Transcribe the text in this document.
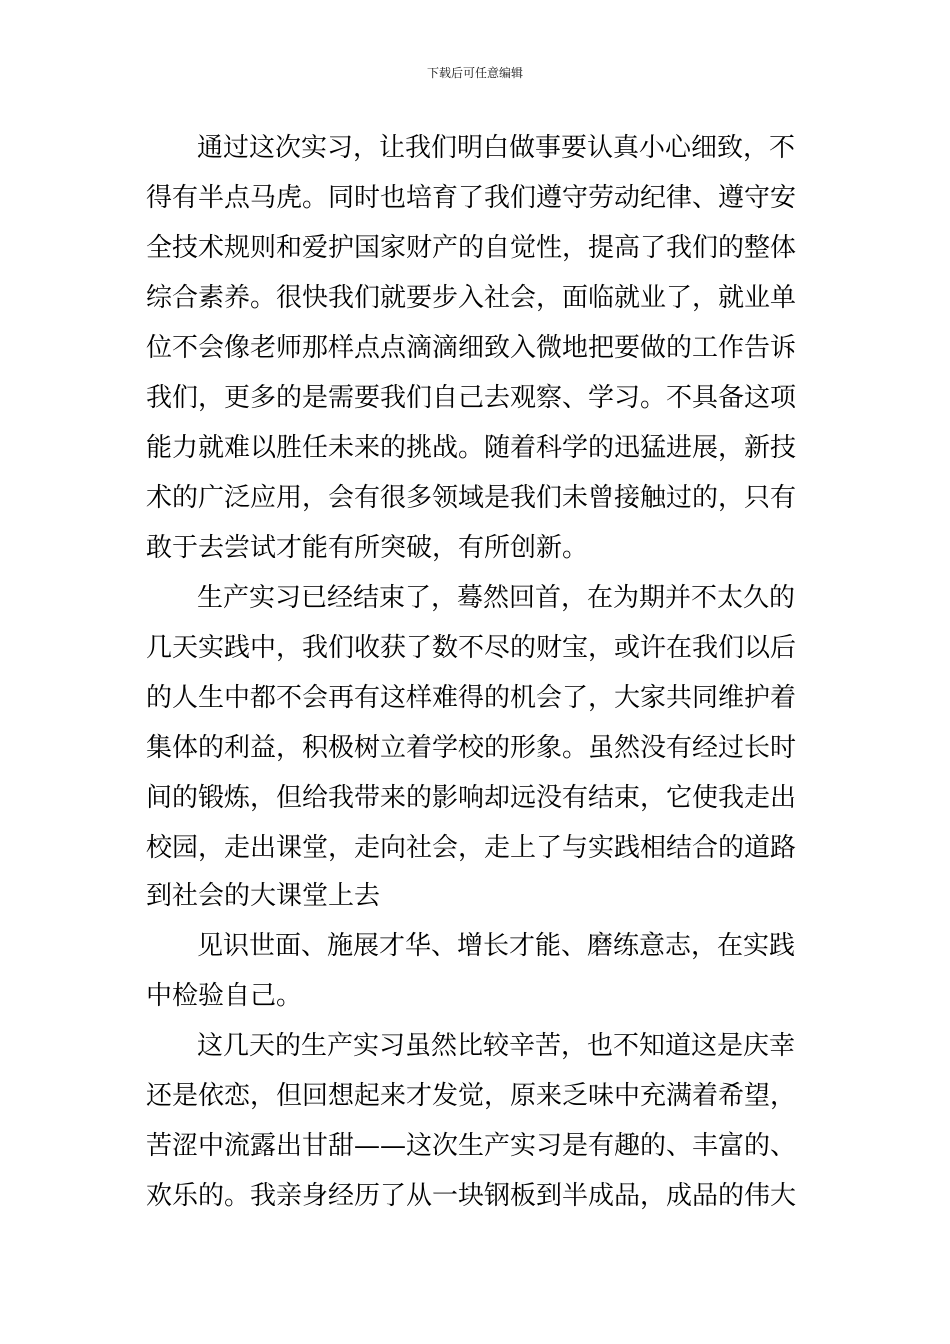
下载后可任意编辑
通过这次实习，让我们明白做事要认真小心细致，不
得有半点马虎。同时也培育了我们遵守劳动纪律、遵守安
全技术规则和爱护国家财产的自觉性，提高了我们的整体
综合素养。很快我们就要步入社会，面临就业了，就业单
位不会像老师那样点点滴滴细致入微地把要做的工作告诉
我们，更多的是需要我们自己去观察、学习。不具备这项
能力就难以胜任未来的挑战。随着科学的迅猛进展，新技
术的广泛应用，会有很多领域是我们未曾接触过的，只有
敢于去尝试才能有所突破，有所创新。
生产实习已经结束了，蓦然回首，在为期并不太久的
几天实践中，我们收获了数不尽的财宝，或许在我们以后
的人生中都不会再有这样难得的机会了，大家共同维护着
集体的利益，积极树立着学校的形象。虽然没有经过长时
间的锻炼，但给我带来的影响却远没有结束，它使我走出
校园，走出课堂，走向社会，走上了与实践相结合的道路
到社会的大课堂上去
见识世面、施展才华、增长才能、磨练意志，在实践
中检验自己。
这几天的生产实习虽然比较辛苦，也不知道这是庆幸
还是依恋，但回想起来才发觉，原来乏味中充满着希望，
苦涩中流露出甘甜——这次生产实习是有趣的、丰富的、
欢乐的。我亲身经历了从一块钢板到半成品，成品的伟大
